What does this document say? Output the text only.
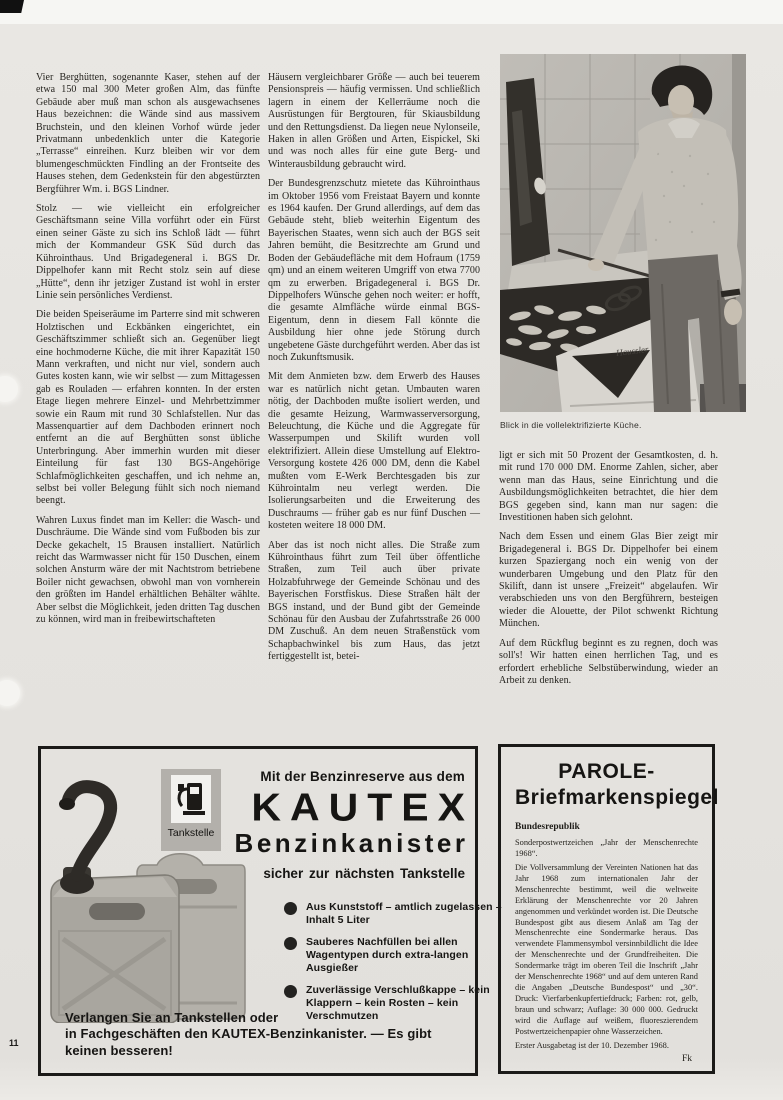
Vier Berghütten, sogenannte Kaser, stehen auf der etwa 150 mal 300 Meter großen Alm, das fünfte Gebäude aber muß man schon als ausgewachsenes Haus bezeichnen: die Wände sind aus massivem Bruchstein, und den kleinen Vorhof würde jeder Privatmann unbedenklich unter die Kategorie „Terrasse“ einreihen. Kurz bleiben wir vor dem blumengeschmückten Findling an der Frontseite des Hauses stehen, dem Gedenkstein für den abgestürzten Bergführer Wm. i. BGS Lindner.

Stolz — wie vielleicht ein erfolgreicher Geschäftsmann seine Villa vorführt oder ein Fürst einen seiner Gäste zu sich ins Schloß lädt — führt mich der Kommandeur GSK Süd durch das Kührointhaus. Und Brigadegeneral i. BGS Dr. Dippelhofer kann mit Recht stolz sein auf diese „Hütte“, denn ihr jetziger Zustand ist wohl in erster Linie sein persönliches Verdienst.

Die beiden Speiseräume im Parterre sind mit schweren Holztischen und Eckbänken eingerichtet, ein Geschäftszimmer schließt sich an. Gegenüber liegt eine hochmoderne Küche, die mit ihrer Kapazität 150 Mann verkraften, und nicht nur viel, sondern auch Gutes kosten kann, wie wir selbst — zum Mittagessen gab es Rouladen — erfahren konnten. In der ersten Etage liegen mehrere Einzel- und Mehrbettzimmer sowie ein Raum mit rund 30 Schlafstellen. Nur das Massenquartier auf dem Dachboden erinnert noch entfernt an die auf Berghütten sonst übliche Unterbringung. Aber immerhin wurden mit dieser Einteilung für fast 130 BGS-Angehörige Schlafmöglichkeiten geschaffen, und ich nehme an, selbst bei voller Belegung fühlt sich noch niemand beengt.

Wahren Luxus findet man im Keller: die Wasch- und Duschräume. Die Wände sind vom Fußboden bis zur Decke gekachelt, 15 Brausen installiert. Natürlich reicht das Warmwasser nicht für 150 Duschen, einem solchen Ansturm wäre der mit Nachtstrom betriebene Boiler nicht gewachsen, obwohl man von vornherein den größten im Handel erhältlichen Behälter wählte. Aber selbst die Möglichkeit, jeden dritten Tag duschen zu können, wird man in freibewirtschafteten

Häusern vergleichbarer Größe — auch bei teuerem Pensionspreis — häufig vermissen. Und schließlich lagern in einem der Kellerräume noch die Ausrüstungen für Bergtouren, für Skiausbildung und den Rettungsdienst. Da liegen neue Nylonseile, Haken in allen Größen und Arten, Eispickel, Ski und was noch alles für eine gute Berg- und Winterausbildung gebraucht wird.

Der Bundesgrenzschutz mietete das Kührointhaus im Oktober 1956 vom Freistaat Bayern und konnte es 1964 kaufen. Der Grund allerdings, auf dem das Gebäude steht, blieb weiterhin Eigentum des Bayerischen Staates, wenn sich auch der BGS seit Jahren bemüht, die Besitzrechte am Grund und Boden der Gebäudefläche mit dem Hofraum (1759 qm) und an einem weiteren Umgriff von etwa 7700 qm zu erwerben. Brigadegeneral i. BGS Dr. Dippelhofers Wünsche gehen noch weiter: er hofft, die gesamte Almfläche würde einmal BGS-Eigentum, denn in diesem Fall könnte die Ausbildung hier ohne jede Störung durch ungebetene Gäste durchgeführt werden. Aber das ist noch Zukunftsmusik.

Mit dem Anmieten bzw. dem Erwerb des Hauses war es natürlich nicht getan. Umbauten waren nötig, der Dachboden mußte isoliert werden, und die gesamte Heizung, Warmwasserversorgung, Beleuchtung, die Küche und die Aggregate für Wasserpumpen und Skilift wurden voll elektrifiziert. Allein diese Umstellung auf Elektro-Versorgung kostete 426 000 DM, denn die Kabel mußten vom E-Werk Berchtesgaden bis zur Kührointalm neu verlegt werden. Die Isolierungsarbeiten und die Erweiterung des Duschraums — früher gab es nur fünf Duschen — kosteten weitere 18 000 DM.

Aber das ist noch nicht alles. Die Straße zum Kührointhaus führt zum Teil über öffentliche Straßen, zum Teil auch über private Holzabfuhrwege der Gemeinde Schönau und des Bayerischen Forstfiskus. Diese Straßen hält der BGS instand, und der Bund gibt der Gemeinde Schönau für den Ausbau der Zufahrtsstraße 26 000 DM Zuschuß. An dem neuen Straßenstück vom Schapbachwinkel bis zum Haus, das jetzt fertiggestellt ist, betei-

Haussler
Blick in die vollelektrifizierte Küche.

ligt er sich mit 50 Prozent der Gesamtkosten, d. h. mit rund 170 000 DM. Enorme Zahlen, sicher, aber wenn man das Haus, seine Einrichtung und die Ausbildungsmöglichkeiten betrachtet, die hier dem BGS gegeben sind, kann man nur sagen: die Investitionen haben sich gelohnt.

Nach dem Essen und einem Glas Bier zeigt mir Brigadegeneral i. BGS Dr. Dippelhofer bei einem kurzen Spaziergang noch ein wenig von der wunderbaren Umgebung und den Platz für den Skilift, dann ist unsere „Freizeit“ abgelaufen. Wir verabschieden uns von den Bergführern, besteigen wieder die Alouette, der Pilot schwenkt Richtung München.

Auf dem Rückflug beginnt es zu regnen, doch was soll's! Wir hatten einen herrlichen Tag, und es erfordert erhebliche Selbstüberwindung, wieder an Arbeit zu denken.

Tankstelle
Mit der Benzinreserve aus dem
KAUTEX
Benzinkanister
sicher zur nächsten Tankstelle
Aus Kunststoff – amtlich zugelassen – Inhalt 5 Liter
Sauberes Nachfüllen bei allen Wagentypen durch extra-langen Ausgießer
Zuverlässige Verschlußkappe – kein Klappern – kein Rosten – kein Verschmutzen
Verlangen Sie an Tankstellen oder
in Fachgeschäften den KAUTEX-Benzinkanister. — Es gibt keinen besseren!
PAROLE-
Briefmarkenspiegel
Bundesrepublik

Sonderpostwertzeichen „Jahr der Menschenrechte 1968“.

Die Vollversammlung der Vereinten Nationen hat das Jahr 1968 zum internationalen Jahr der Menschenrechte bestimmt, weil die weltweite Erklärung der Menschenrechte vor 20 Jahren angenommen und verkündet worden ist. Die Deutsche Bundespost gibt aus diesem Anlaß am Tag der Menschenrechte eine Sondermarke heraus. Das verwendete Flammensymbol versinnbildlicht die Idee der Menschenrechte und der Grundfreiheiten. Die Sondermarke trägt im oberen Teil die Inschrift „Jahr der Menschenrechte 1968“ und auf dem unteren Rand die Angaben „Deutsche Bundespost“ und „30“. Druck: Vierfarbenkupfertiefdruck; Farben: rot, gelb, braun und schwarz; Auflage: 30 000 000. Gedruckt wird die Auflage auf weißem, fluoreszierendem Postwertzeichenpapier ohne Wasserzeichen.

Erster Ausgabetag ist der 10. Dezember 1968.

Fk
11
